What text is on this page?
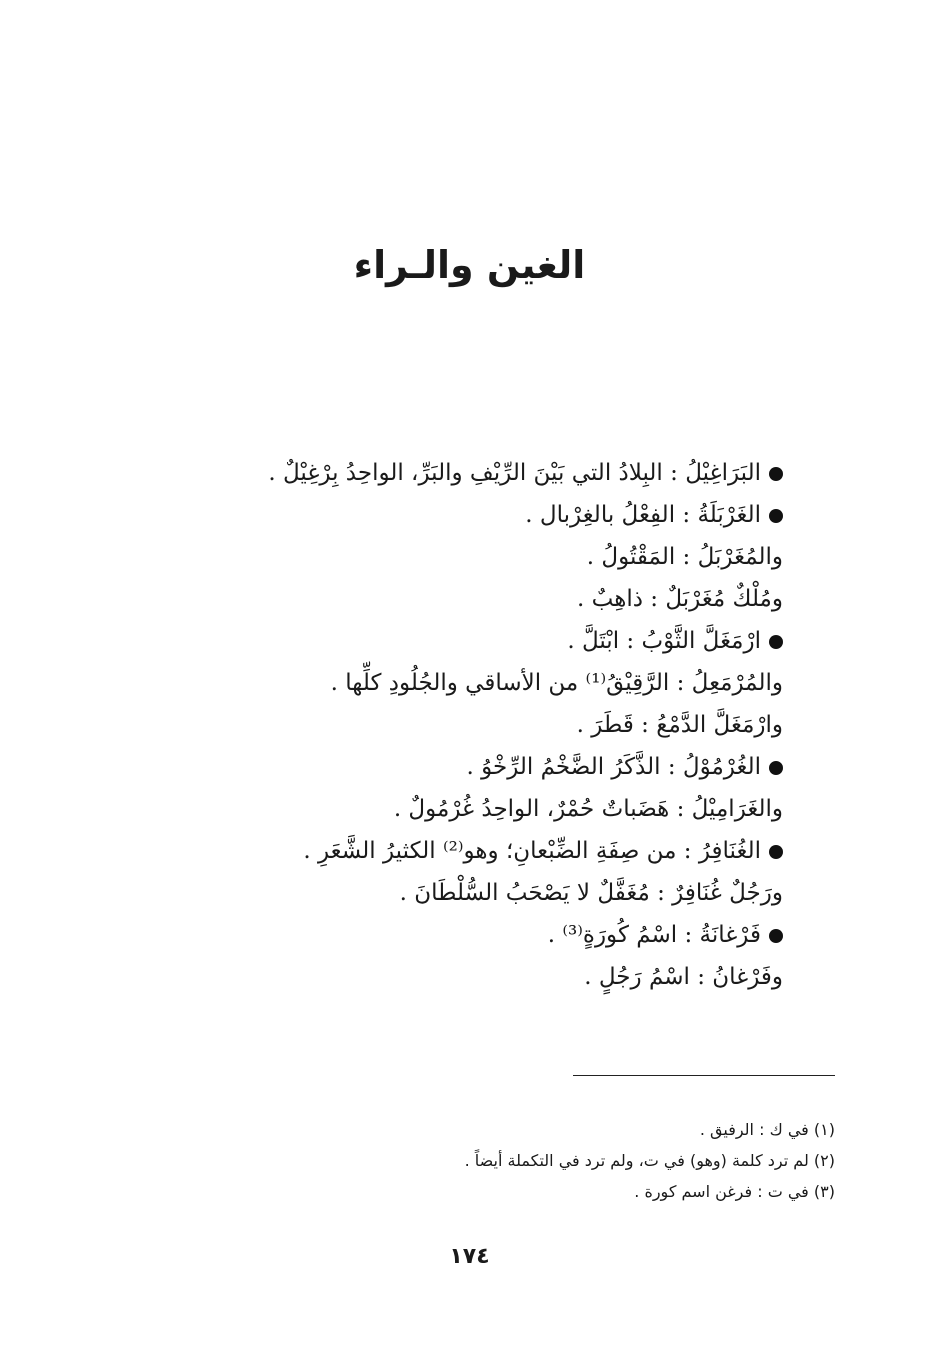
الغين والـراء
البَرَاغِيْلُ : البِلادُ التي بَيْنَ الرِّيْفِ والبَرِّ، الواحِدُ بِرْغِيْلٌ .
الغَرْبَلَةُ : الفِعْلُ بالغِرْبال .
والمُغَرْبَلُ : المَقْتُولُ .
ومُلْكٌ مُغَرْبَلٌ : ذاهِبٌ .
ارْمَغَلَّ الثَّوْبُ : ابْتَلَّ .
والمُرْمَعِلُ : الرَّقِيْقُ⁽¹⁾ من الأساقي والجُلُودِ كلِّها .
وارْمَغَلَّ الدَّمْعُ : قَطَرَ .
الغُرْمُوْلُ : الذَّكَرُ الضَّخْمُ الرِّخْوُ .
والغَرَامِيْلُ : هَضَباتٌ حُمْرٌ، الواحِدُ غُرْمُولٌ .
الغُنَافِرُ : من صِفَةِ الضِّبْعانِ؛ وهو⁽²⁾ الكثيرُ الشَّعَرِ .
ورَجُلٌ غُنَافِرٌ : مُغَفَّلٌ لا يَصْحَبُ السُّلْطَانَ .
فَرْغانَةُ : اسْمُ كُورَةٍ⁽³⁾ .
وفَرْغانُ : اسْمُ رَجُلٍ .
(١) في ك : الرفيق .
(٢) لم ترد كلمة (وهو) في ت، ولم ترد في التكملة أيضاً .
(٣) في ت : فرغن اسم كورة .
١٧٤
